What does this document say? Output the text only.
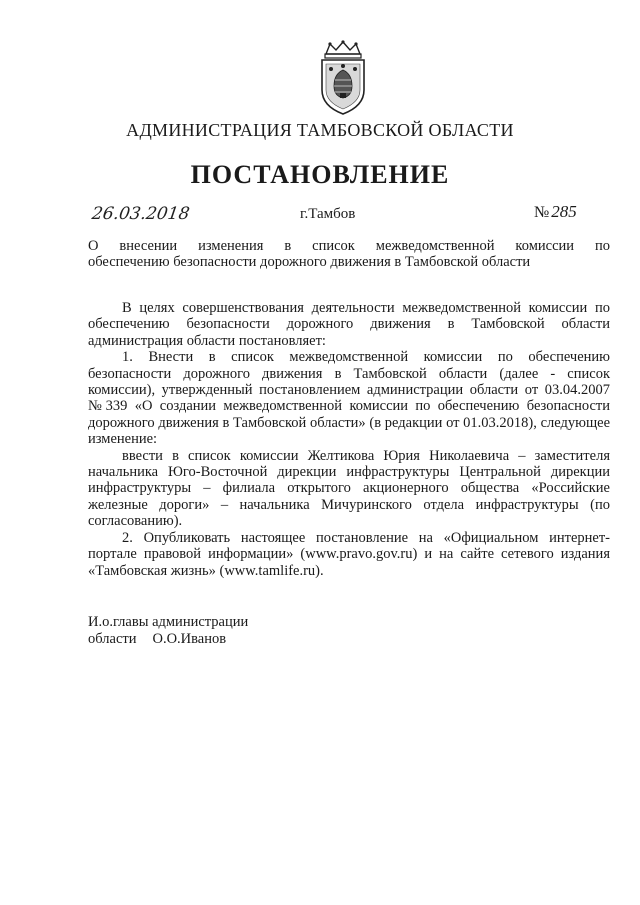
АДМИНИСТРАЦИЯ ТАМБОВСКОЙ ОБЛАСТИ
ПОСТАНОВЛЕНИЕ
26.03.2018	г.Тамбов	№ 285
О внесении изменения в список межведомственной комиссии по
обеспечению безопасности дорожного движения в Тамбовской области

В целях совершенствования деятельности межведомственной комиссии по обеспечению безопасности дорожного движения в Тамбовской области администрация области постановляет:

1. Внести в список межведомственной комиссии по обеспечению безопасности дорожного движения в Тамбовской области (далее - список комиссии), утвержденный постановлением администрации области от 03.04.2007 №339 «О создании межведомственной комиссии по обеспечению безопасности дорожного движения в Тамбовской области» (в редакции от 01.03.2018), следующее изменение:

ввести в список комиссии Желтикова Юрия Николаевича – заместителя начальника Юго-Восточной дирекции инфраструктуры Центральной дирекции инфраструктуры – филиала открытого акционерного общества «Российские железные дороги» – начальника Мичуринского отдела инфраструктуры (по согласованию).

2. Опубликовать настоящее постановление на «Официальном интернет-портале правовой информации» (www.pravo.gov.ru) и на сайте сетевого издания «Тамбовская жизнь» (www.tamlife.ru).

И.о.главы администрации
области О.О.Иванов
